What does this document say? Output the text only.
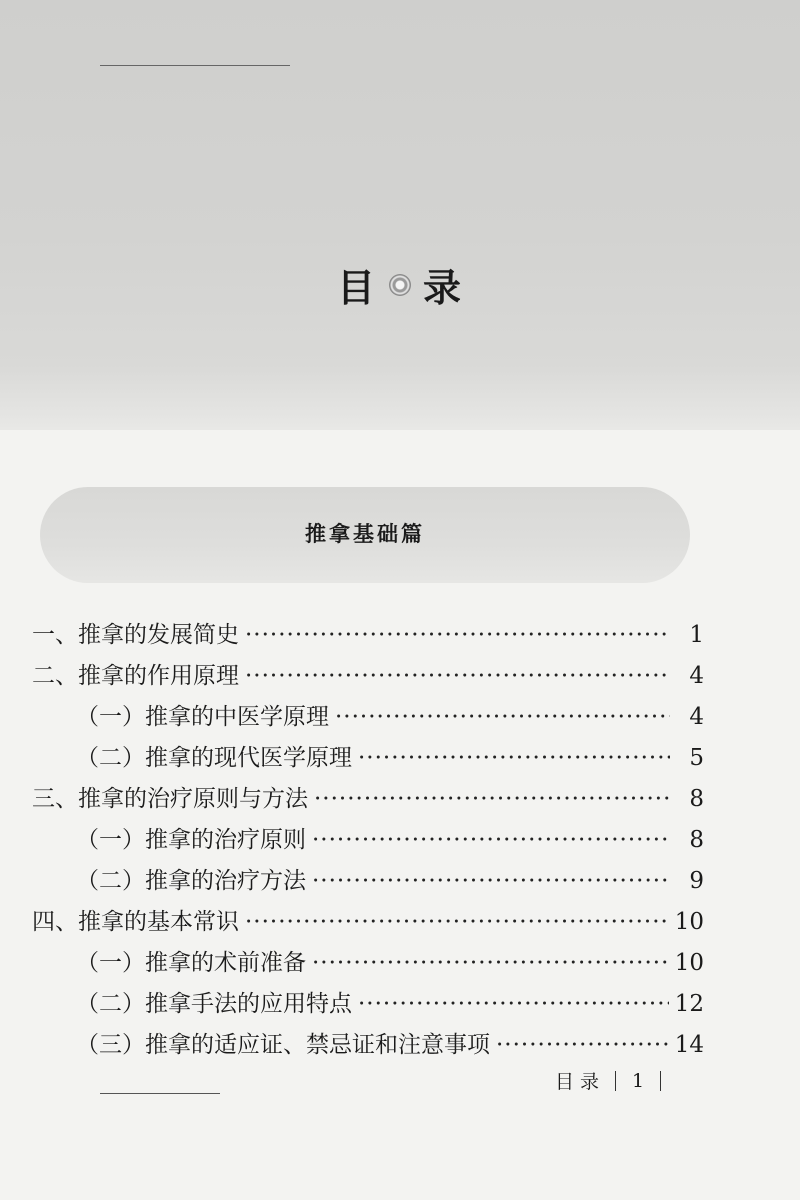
目 录
推拿基础篇
一、推拿的发展简史 ·····	1
二、推拿的作用原理 ·····	4
（一）推拿的中医学原理 ·····	4
（二）推拿的现代医学原理 ·····	5
三、推拿的治疗原则与方法 ·····	8
（一）推拿的治疗原则 ·····	8
（二）推拿的治疗方法 ·····	9
四、推拿的基本常识 ·····	10
（一）推拿的术前准备 ·····	10
（二）推拿手法的应用特点 ·····	12
（三）推拿的适应证、禁忌证和注意事项 ·····	14
目 录 1
